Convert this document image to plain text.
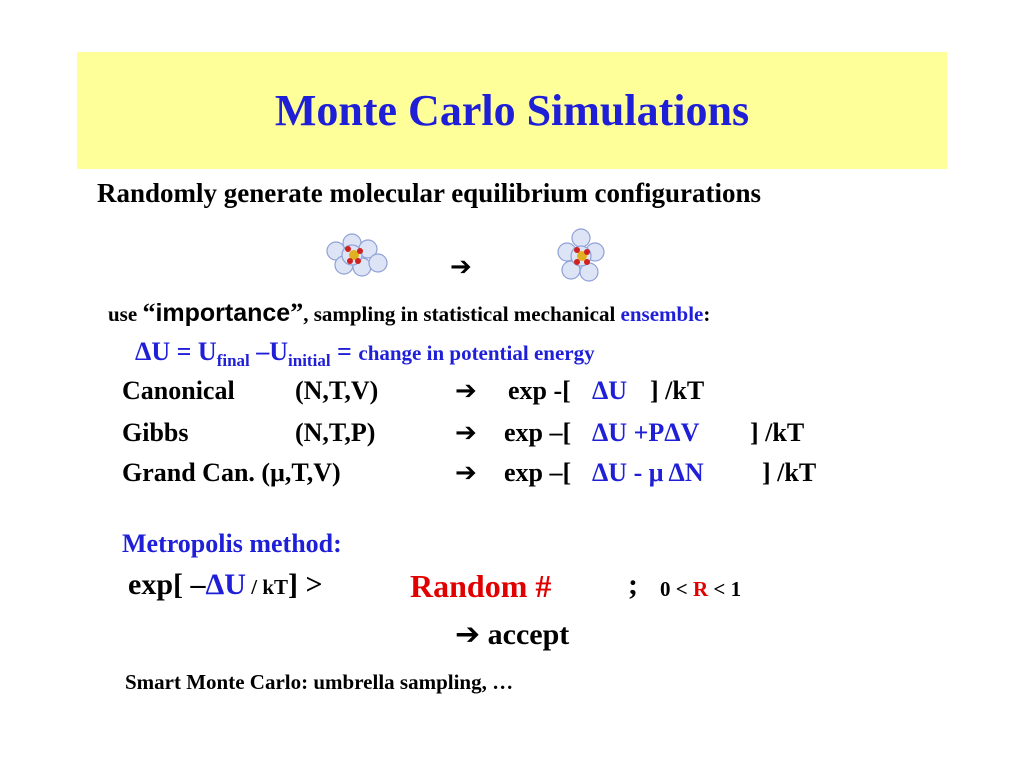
Monte Carlo Simulations
Randomly generate molecular equilibrium configurations
➔
use “importance”, sampling in statistical mechanical ensemble:
$\Delta U = U_{final}$ $-U_{initial}$ = change in potential energy
Canonical (N,T,V)	➔ exp -[ ΔU ] /kT
Gibbs	(N,T,P)	➔ exp –[ ΔU +PΔV ] /kT
Grand Can. (μ,T,V)	➔ exp –[ ΔU - μ ΔN ] /kT
Metropolis method:
exp[ –ΔU / kT] >	Random #	; 0 < R < 1
➔ accept
Smart Monte Carlo: umbrella sampling, …
